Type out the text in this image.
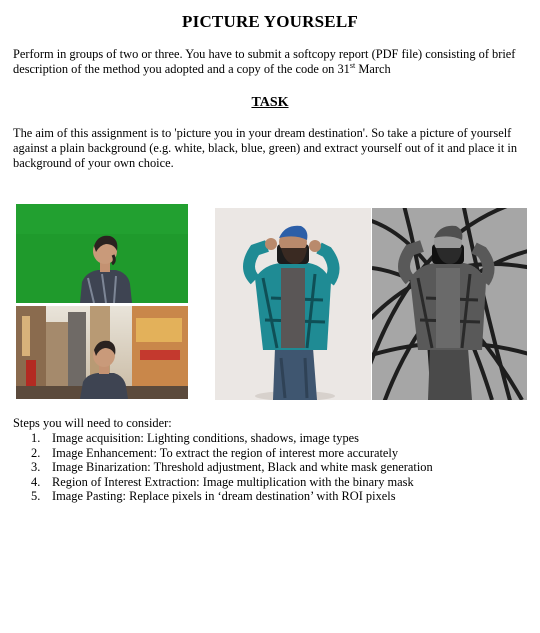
PICTURE YOURSELF
Perform in groups of two or three. You have to submit a softcopy report (PDF file) consisting of brief description of the method you adopted and a copy of the code on 31st March
TASK
The aim of this assignment is to 'picture you in your dream destination'. So take a picture of yourself against a plain background (e.g. white, black, blue, green) and extract yourself out of it and place it in background of your own choice.
Steps you will need to consider:
1. Image acquisition: Lighting conditions, shadows, image types
2. Image Enhancement: To extract the region of interest more accurately
3. Image Binarization: Threshold adjustment, Black and white mask generation
4. Region of Interest Extraction: Image multiplication with the binary mask
5. Image Pasting: Replace pixels in ‘dream destination’ with ROI pixels
